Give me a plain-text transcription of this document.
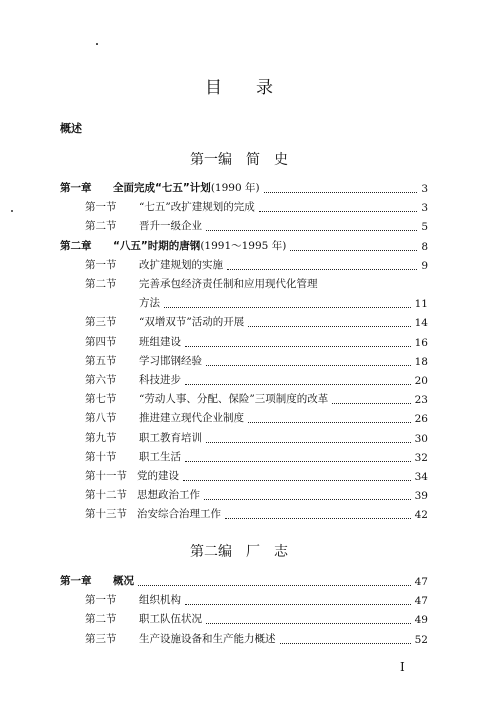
目　　录
概述
第一编　简　史
第二编　厂　志
第一章	全面完成“七五”计划 (1990 年)	3
第一节	“七五”改扩建规划的完成	3
第二节	晋升一级企业	5
第二章	“八五”时期的唐钢 (1991～1995 年)	8
第一节	改扩建规划的实施	9
第二节	完善承包经济责任制和应用现代化管理
方法	11
第三节	“双增双节”活动的开展	14
第四节	班组建设	16
第五节	学习邯钢经验	18
第六节	科技进步	20
第七节	“劳动人事、分配、保险”三项制度的改革	23
第八节	推进建立现代企业制度	26
第九节	职工教育培训	30
第十节	职工生活	32
第十一节 党的建设	34
第十二节 思想政治工作	39
第十三节 治安综合治理工作	42
第一章	概况	47
第一节	组织机构	47
第二节	职工队伍状况	49
第三节	生产设施设备和生产能力概述	52
I
